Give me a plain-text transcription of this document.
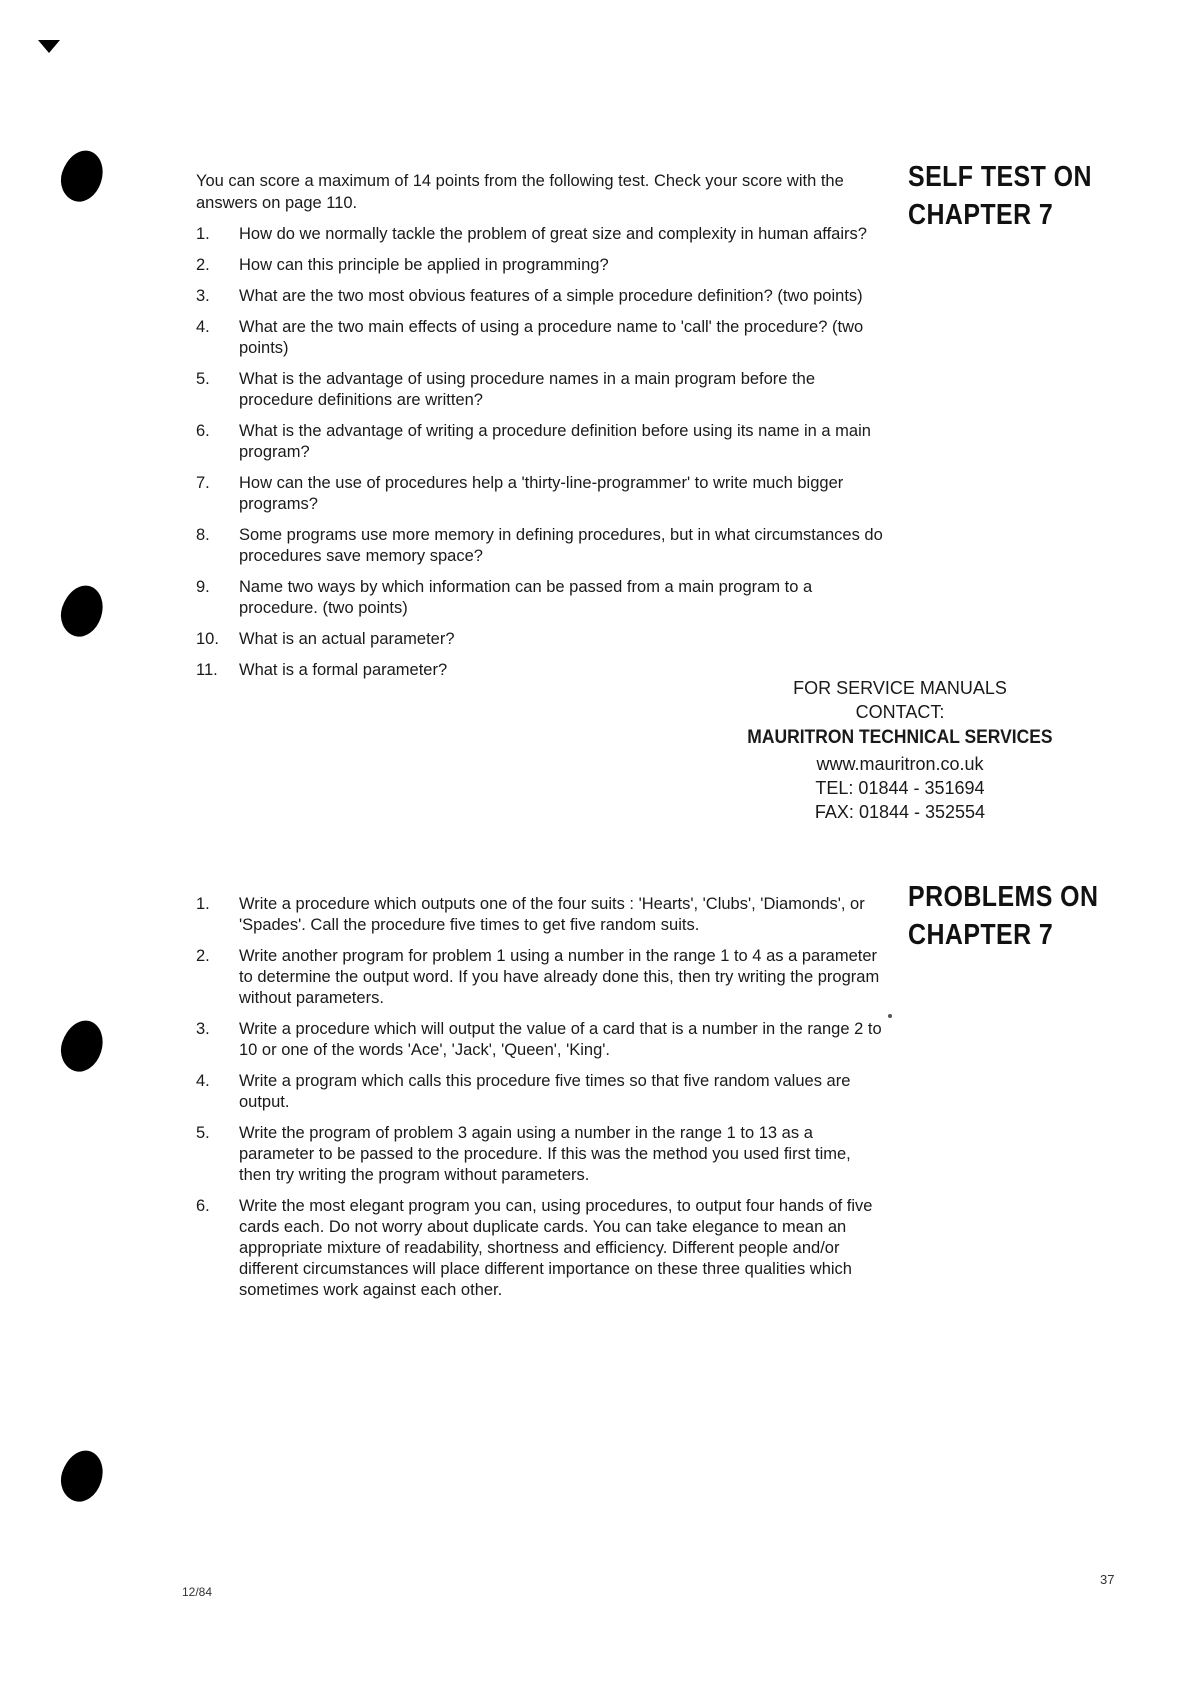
You can score a maximum of 14 points from the following test. Check your score with the answers on page 110.
SELF TEST ON
CHAPTER 7
1. How do we normally tackle the problem of great size and complexity in human affairs?
2. How can this principle be applied in programming?
3. What are the two most obvious features of a simple procedure definition? (two points)
4. What are the two main effects of using a procedure name to 'call' the procedure? (two points)
5. What is the advantage of using procedure names in a main program before the procedure definitions are written?
6. What is the advantage of writing a procedure definition before using its name in a main program?
7. How can the use of procedures help a 'thirty-line-programmer' to write much bigger programs?
8. Some programs use more memory in defining procedures, but in what circumstances do procedures save memory space?
9. Name two ways by which information can be passed from a main program to a procedure. (two points)
10. What is an actual parameter?
11. What is a formal parameter?
FOR SERVICE MANUALS
CONTACT:
MAURITRON TECHNICAL SERVICES
www.mauritron.co.uk
TEL: 01844 - 351694
FAX: 01844 - 352554
PROBLEMS ON
CHAPTER 7
1. Write a procedure which outputs one of the four suits : 'Hearts', 'Clubs', 'Diamonds', or 'Spades'. Call the procedure five times to get five random suits.
2. Write another program for problem 1 using a number in the range 1 to 4 as a parameter to determine the output word. If you have already done this, then try writing the program without parameters.
3. Write a procedure which will output the value of a card that is a number in the range 2 to 10 or one of the words 'Ace', 'Jack', 'Queen', 'King'.
4. Write a program which calls this procedure five times so that five random values are output.
5. Write the program of problem 3 again using a number in the range 1 to 13 as a parameter to be passed to the procedure. If this was the method you used first time, then try writing the program without parameters.
6. Write the most elegant program you can, using procedures, to output four hands of five cards each. Do not worry about duplicate cards. You can take elegance to mean an appropriate mixture of readability, shortness and efficiency. Different people and/or different circumstances will place different importance on these three qualities which sometimes work against each other.
12/84
37
